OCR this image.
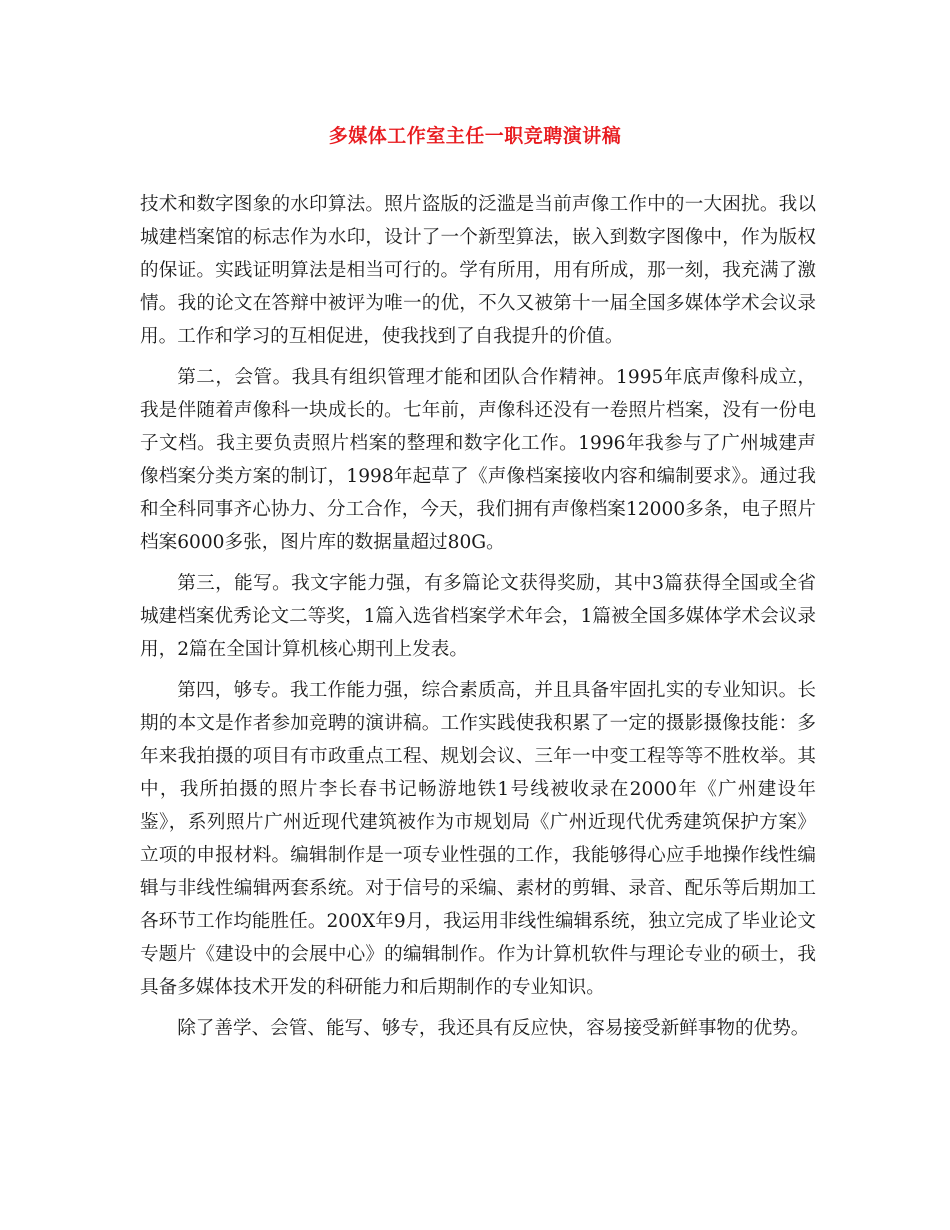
多媒体工作室主任一职竞聘演讲稿

技术和数字图象的水印算法。照片盗版的泛滥是当前声像工作中的一大困扰。我以城建档案馆的标志作为水印，设计了一个新型算法，嵌入到数字图像中，作为版权的保证。实践证明算法是相当可行的。学有所用，用有所成，那一刻，我充满了激情。我的论文在答辩中被评为唯一的优，不久又被第十一届全国多媒体学术会议录用。工作和学习的互相促进，使我找到了自我提升的价值。

第二，会管。我具有组织管理才能和团队合作精神。1995年底声像科成立，我是伴随着声像科一块成长的。七年前，声像科还没有一卷照片档案，没有一份电子文档。我主要负责照片档案的整理和数字化工作。1996年我参与了广州城建声像档案分类方案的制订，1998年起草了《声像档案接收内容和编制要求》。通过我和全科同事齐心协力、分工合作，今天，我们拥有声像档案12000多条，电子照片档案6000多张，图片库的数据量超过80G。

第三，能写。我文字能力强，有多篇论文获得奖励，其中3篇获得全国或全省城建档案优秀论文二等奖，1篇入选省档案学术年会，1篇被全国多媒体学术会议录用，2篇在全国计算机核心期刊上发表。

第四，够专。我工作能力强，综合素质高，并且具备牢固扎实的专业知识。长期的本文是作者参加竞聘的演讲稿。工作实践使我积累了一定的摄影摄像技能：多年来我拍摄的项目有市政重点工程、规划会议、三年一中变工程等等不胜枚举。其中，我所拍摄的照片李长春书记畅游地铁1号线被收录在2000年《广州建设年鉴》，系列照片广州近现代建筑被作为市规划局《广州近现代优秀建筑保护方案》立项的申报材料。编辑制作是一项专业性强的工作，我能够得心应手地操作线性编辑与非线性编辑两套系统。对于信号的采编、素材的剪辑、录音、配乐等后期加工各环节工作均能胜任。200X年9月，我运用非线性编辑系统，独立完成了毕业论文专题片《建设中的会展中心》的编辑制作。作为计算机软件与理论专业的硕士，我具备多媒体技术开发的科研能力和后期制作的专业知识。

除了善学、会管、能写、够专，我还具有反应快，容易接受新鲜事物的优势。
